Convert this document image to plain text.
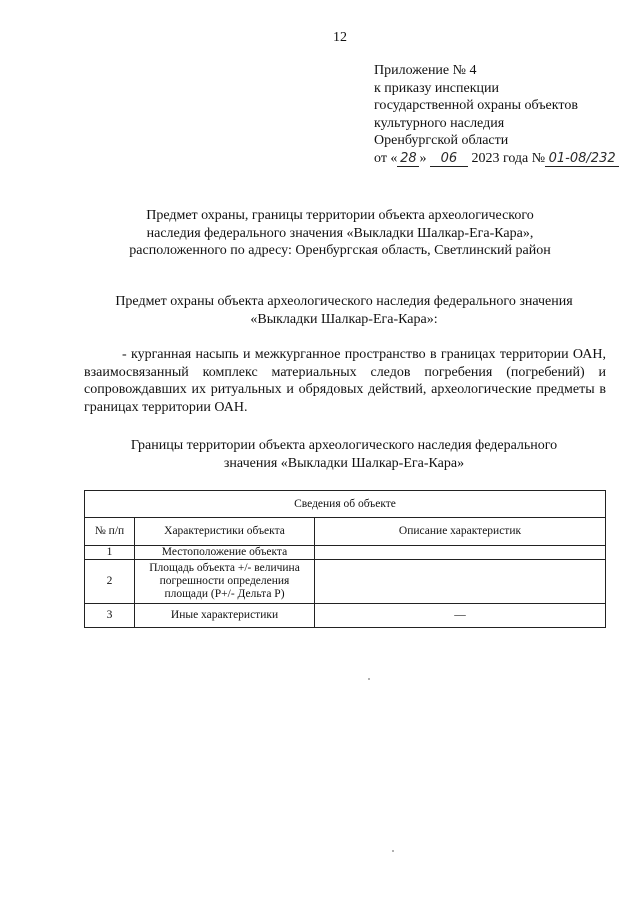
12
Приложение № 4
к приказу инспекции
государственной охраны объектов
культурного наследия
Оренбургской области
от « 28 » 06 2023 года № 01-08/232
Предмет охраны, границы территории объекта археологического
наследия федерального значения «Выкладки Шалкар-Ега-Кара»,
расположенного по адресу: Оренбургская область, Светлинский район
Предмет охраны объекта археологического наследия федерального значения
«Выкладки Шалкар-Ега-Кара»:
- курганная насыпь и межкурганное пространство в границах территории ОАН, взаимосвязанный комплекс материальных следов погребения (погребений) и сопровождавших их ритуальных и обрядовых действий, археологические предметы в границах территории ОАН.
Границы территории объекта археологического наследия федерального
значения «Выкладки Шалкар-Ега-Кара»
Сведения об объекте		
№ п/п	Характеристики объекта	Описание характеристик
1	Местоположение объекта	
2	Площадь объекта +/- величина погрешности определения площади (P+/- Дельта P)	
3	Иные характеристики	—
